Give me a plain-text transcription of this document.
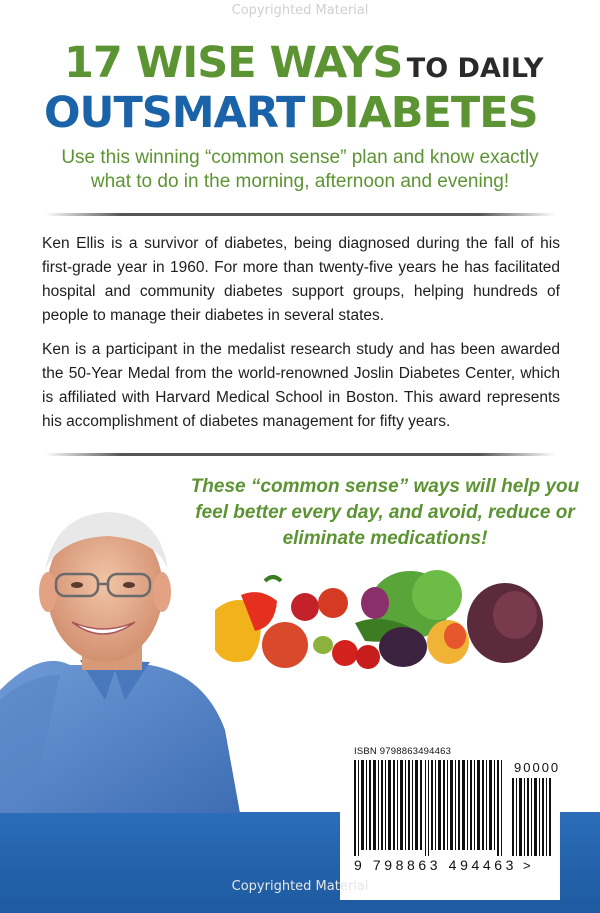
Copyrighted Material
17 WISE WAYS TO DAILY
OUTSMART DIABETES
Use this winning “common sense” plan and know exactly what to do in the morning, afternoon and evening!

Ken Ellis is a survivor of diabetes, being diagnosed during the fall of his first-grade year in 1960. For more than twenty-five years he has facilitated hospital and community diabetes support groups, helping hundreds of people to manage their diabetes in several states.

Ken is a participant in the medalist research study and has been awarded the 50-Year Medal from the world-renowned Joslin Diabetes Center, which is affiliated with Harvard Medical School in Boston. This award represents his accomplishment of diabetes management for fifty years.

These “common sense” ways will help you feel better every day, and avoid, reduce or eliminate medications!
ISBN 9798863494463
90000
9 798863 494463 >
Copyrighted Material
